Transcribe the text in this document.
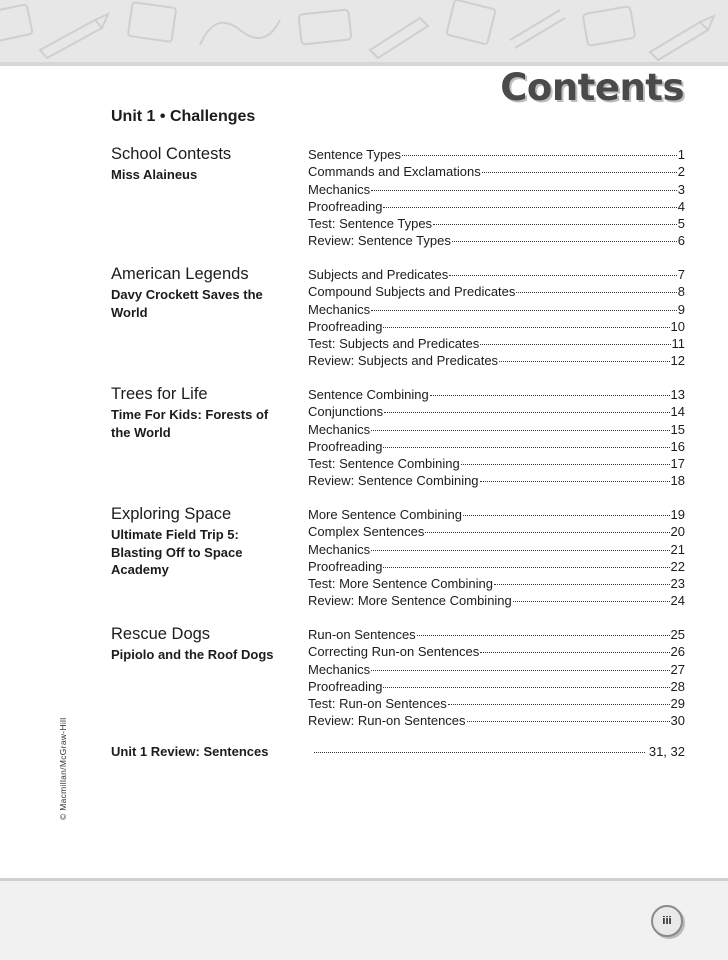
Contents
Unit 1 • Challenges
School Contests
Miss Alaineus
Sentence Types	1
Commands and Exclamations	2
Mechanics	3
Proofreading	4
Test: Sentence Types	5
Review: Sentence Types	6
American Legends
Davy Crockett Saves the World
Subjects and Predicates	7
Compound Subjects and Predicates	8
Mechanics	9
Proofreading	10
Test: Subjects and Predicates	11
Review: Subjects and Predicates	12
Trees for Life
Time For Kids: Forests of the World
Sentence Combining	13
Conjunctions	14
Mechanics	15
Proofreading	16
Test: Sentence Combining	17
Review: Sentence Combining	18
Exploring Space
Ultimate Field Trip 5: Blasting Off to Space Academy
More Sentence Combining	19
Complex Sentences	20
Mechanics	21
Proofreading	22
Test: More Sentence Combining	23
Review: More Sentence Combining	24
Rescue Dogs
Pipiolo and the Roof Dogs
Run-on Sentences	25
Correcting Run-on Sentences	26
Mechanics	27
Proofreading	28
Test: Run-on Sentences	29
Review: Run-on Sentences	30
Unit 1 Review: Sentences	31, 32
© Macmillan/McGraw-Hill
iii
